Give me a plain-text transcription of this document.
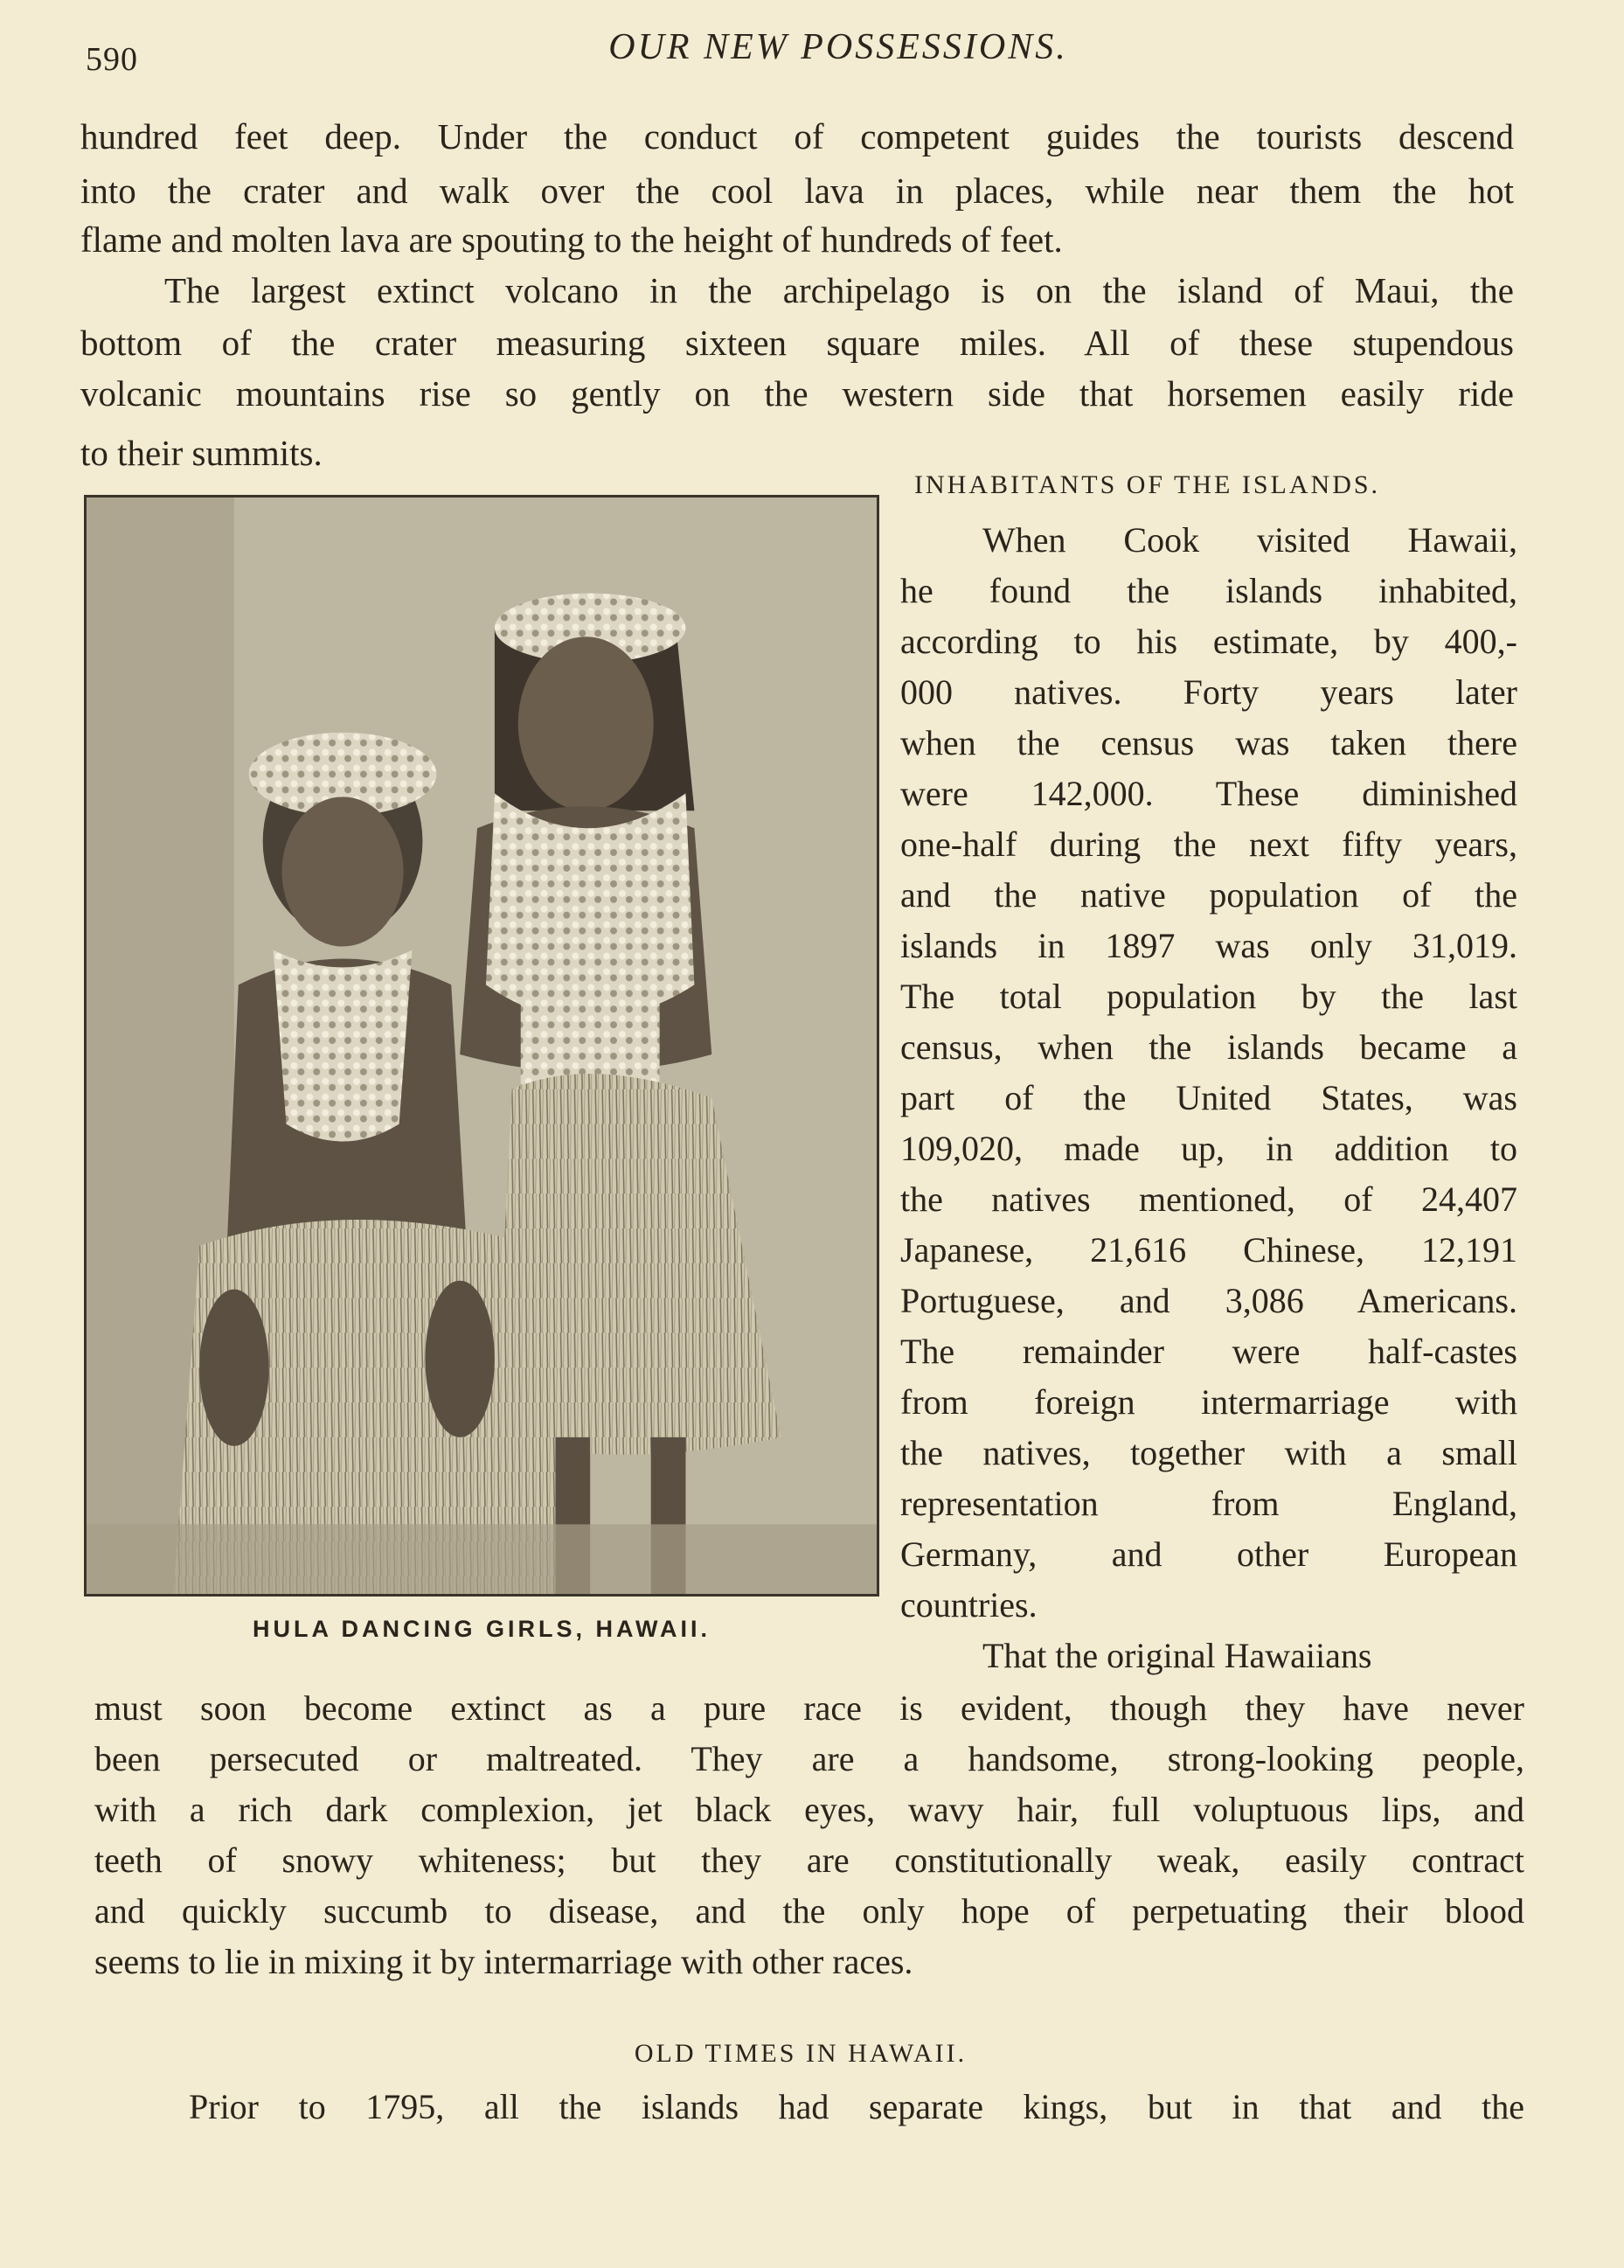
590	OUR NEW POSSESSIONS.
hundred feet deep. Under the conduct of competent guides the tourists descend
into the crater and walk over the cool lava in places, while near them the hot
flame and molten lava are spouting to the height of hundreds of feet.
The largest extinct volcano in the archipelago is on the island of Maui, the
bottom of the crater measuring sixteen square miles. All of these stupendous
volcanic mountains rise so gently on the western side that horsemen easily ride
to their summits.
HULA DANCING GIRLS, HAWAII.
INHABITANTS OF THE ISLANDS.
When Cook visited Hawaii,
he found the islands inhabited,
according to his estimate, by 400,-
000 natives. Forty years later
when the census was taken there
were 142,000. These diminished
one-half during the next fifty years,
and the native population of the
islands in 1897 was only 31,019.
The total population by the last
census, when the islands became a
part of the United States, was
109,020, made up, in addition to
the natives mentioned, of 24,407
Japanese, 21,616 Chinese, 12,191
Portuguese, and 3,086 Americans.
The remainder were half-castes
from foreign intermarriage with
the natives, together with a small
representation from England,
Germany, and other European
countries.
That the original Hawaiians
must soon become extinct as a pure race is evident, though they have never
been persecuted or maltreated. They are a handsome, strong-looking people,
with a rich dark complexion, jet black eyes, wavy hair, full voluptuous lips, and
teeth of snowy whiteness; but they are constitutionally weak, easily contract
and quickly succumb to disease, and the only hope of perpetuating their blood
seems to lie in mixing it by intermarriage with other races.
OLD TIMES IN HAWAII.
Prior to 1795, all the islands had separate kings, but in that and the
